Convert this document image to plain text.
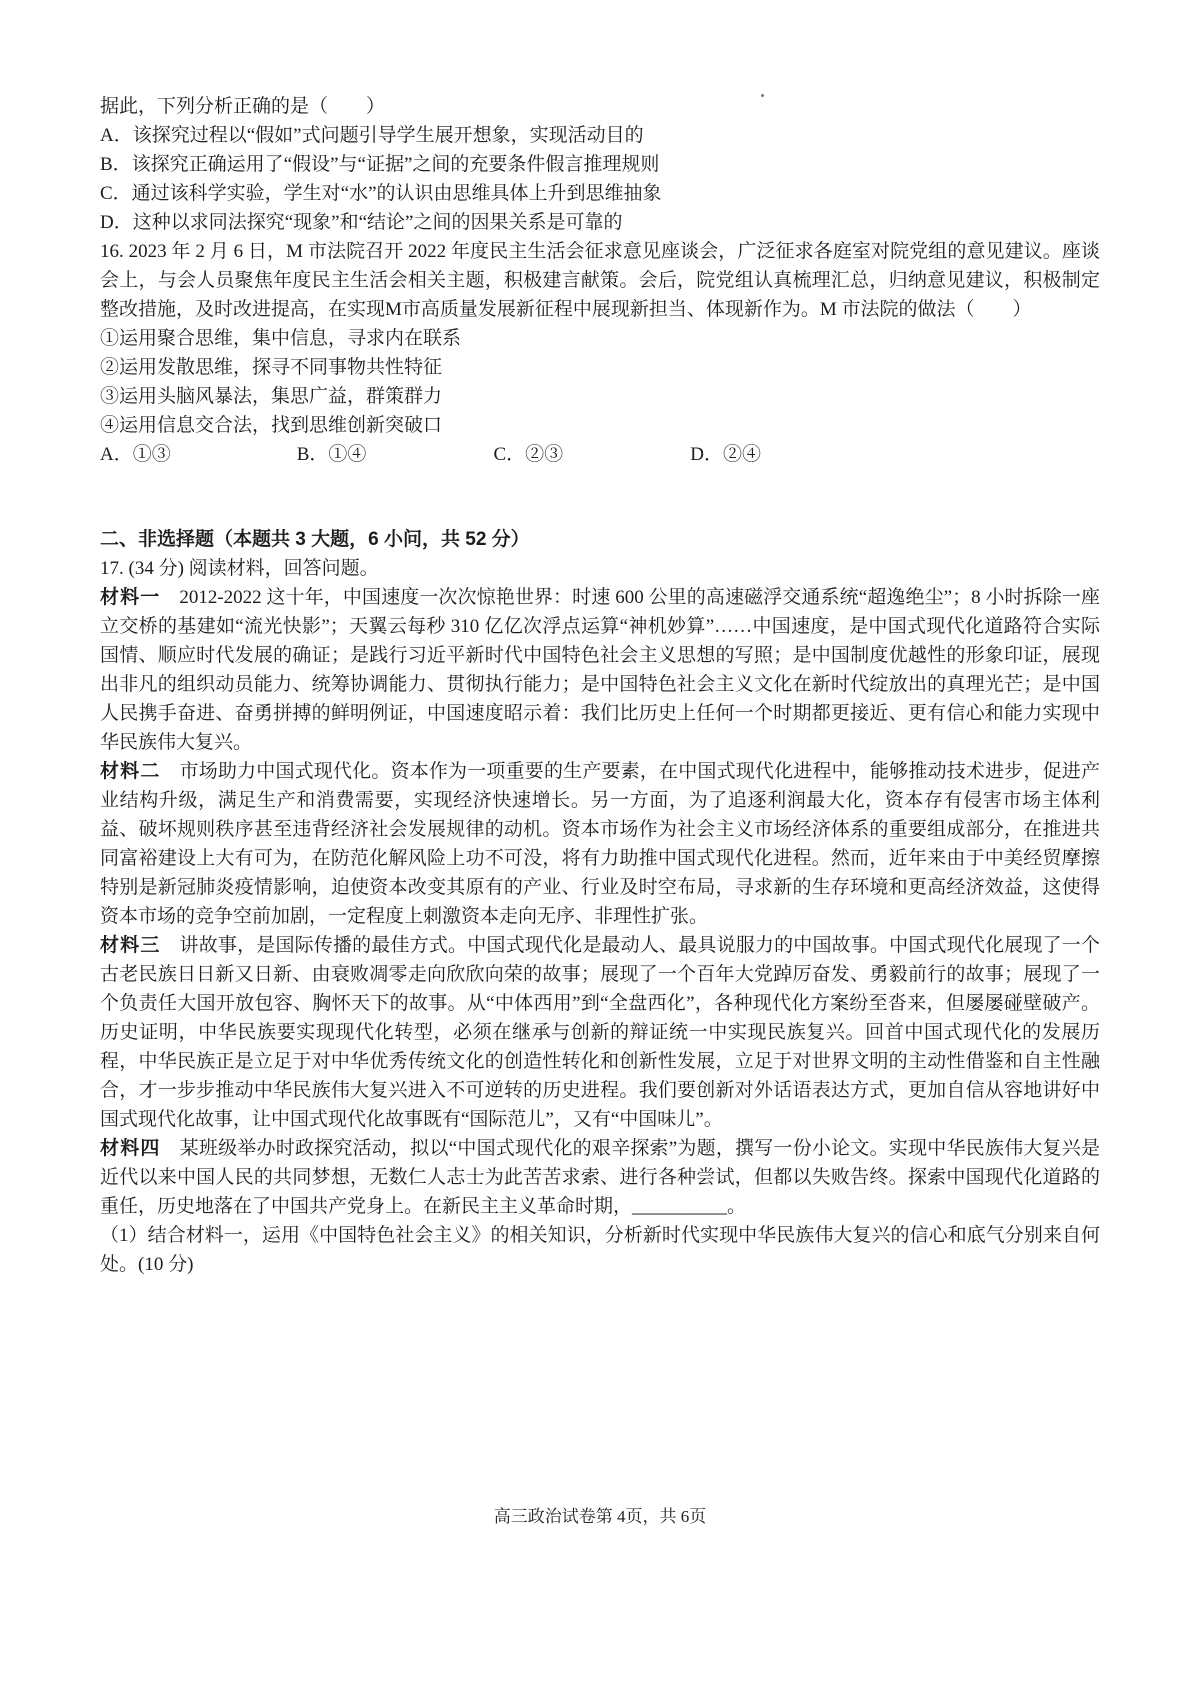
据此，下列分析正确的是（　　）

A．该探究过程以“假如”式问题引导学生展开想象，实现活动目的

B．该探究正确运用了“假设”与“证据”之间的充要条件假言推理规则

C．通过该科学实验，学生对“水”的认识由思维具体上升到思维抽象

D．这种以求同法探究“现象”和“结论”之间的因果关系是可靠的

16. 2023 年 2 月 6 日，M 市法院召开 2022 年度民主生活会征求意见座谈会，广泛征求各庭室对院党组的意见建议。座谈会上，与会人员聚焦年度民主生活会相关主题，积极建言献策。会后，院党组认真梳理汇总，归纳意见建议，积极制定整改措施，及时改进提高，在实现M市高质量发展新征程中展现新担当、体现新作为。M 市法院的做法（　　）

①运用聚合思维，集中信息，寻求内在联系

②运用发散思维，探寻不同事物共性特征

③运用头脑风暴法，集思广益，群策群力

④运用信息交合法，找到思维创新突破口

A．①③	B．①④	C．②③	D．②④

二、非选择题（本题共 3 大题，6 小问，共 52 分）

17. (34 分) 阅读材料，回答问题。

材料一 2012-2022 这十年，中国速度一次次惊艳世界：时速 600 公里的高速磁浮交通系统“超逸绝尘”；8 小时拆除一座立交桥的基建如“流光快影”；天翼云每秒 310 亿亿次浮点运算“神机妙算”……中国速度，是中国式现代化道路符合实际国情、顺应时代发展的确证；是践行习近平新时代中国特色社会主义思想的写照；是中国制度优越性的形象印证，展现出非凡的组织动员能力、统筹协调能力、贯彻执行能力；是中国特色社会主义文化在新时代绽放出的真理光芒；是中国人民携手奋进、奋勇拼搏的鲜明例证，中国速度昭示着：我们比历史上任何一个时期都更接近、更有信心和能力实现中华民族伟大复兴。

材料二 市场助力中国式现代化。资本作为一项重要的生产要素，在中国式现代化进程中，能够推动技术进步，促进产业结构升级，满足生产和消费需要，实现经济快速增长。另一方面，为了追逐利润最大化，资本存有侵害市场主体利益、破坏规则秩序甚至违背经济社会发展规律的动机。资本市场作为社会主义市场经济体系的重要组成部分，在推进共同富裕建设上大有可为，在防范化解风险上功不可没，将有力助推中国式现代化进程。然而，近年来由于中美经贸摩擦特别是新冠肺炎疫情影响，迫使资本改变其原有的产业、行业及时空布局，寻求新的生存环境和更高经济效益，这使得资本市场的竞争空前加剧，一定程度上刺激资本走向无序、非理性扩张。

材料三 讲故事，是国际传播的最佳方式。中国式现代化是最动人、最具说服力的中国故事。中国式现代化展现了一个古老民族日日新又日新、由衰败凋零走向欣欣向荣的故事；展现了一个百年大党踔厉奋发、勇毅前行的故事；展现了一个负责任大国开放包容、胸怀天下的故事。从“中体西用”到“全盘西化”，各种现代化方案纷至沓来，但屡屡碰壁破产。历史证明，中华民族要实现现代化转型，必须在继承与创新的辩证统一中实现民族复兴。回首中国式现代化的发展历程，中华民族正是立足于对中华优秀传统文化的创造性转化和创新性发展，立足于对世界文明的主动性借鉴和自主性融合，才一步步推动中华民族伟大复兴进入不可逆转的历史进程。我们要创新对外话语表达方式，更加自信从容地讲好中国式现代化故事，让中国式现代化故事既有“国际范儿”，又有“中国味儿”。

材料四 某班级举办时政探究活动，拟以“中国式现代化的艰辛探索”为题，撰写一份小论文。实现中华民族伟大复兴是近代以来中国人民的共同梦想，无数仁人志士为此苦苦求索、进行各种尝试，但都以失败告终。探索中国现代化道路的重任，历史地落在了中国共产党身上。在新民主主义革命时期，__________。

（1）结合材料一，运用《中国特色社会主义》的相关知识，分析新时代实现中华民族伟大复兴的信心和底气分别来自何处。(10 分)

高三政治试卷第 4页，共 6页
